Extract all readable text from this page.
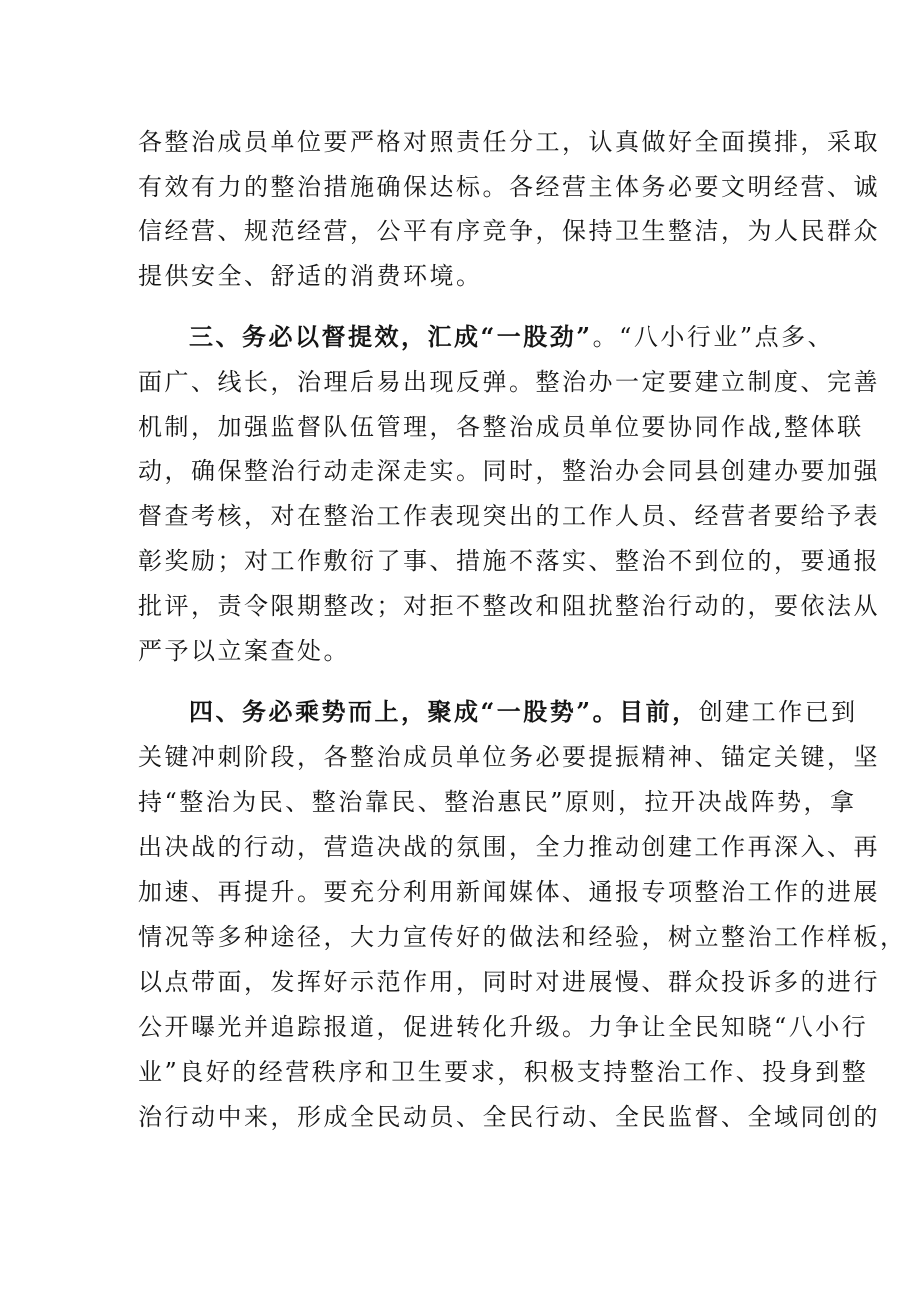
各整治成员单位要严格对照责任分工，认真做好全面摸排，采取
有效有力的整治措施确保达标。各经营主体务必要文明经营、诚
信经营、规范经营，公平有序竞争，保持卫生整洁，为人民群众
提供安全、舒适的消费环境。
三、务必以督提效，汇成“一股劲”。“八小行业”点多、
面广、线长，治理后易出现反弹。整治办一定要建立制度、完善
机制，加强监督队伍管理，各整治成员单位要协同作战,整体联
动，确保整治行动走深走实。同时，整治办会同县创建办要加强
督查考核，对在整治工作表现突出的工作人员、经营者要给予表
彰奖励；对工作敷衍了事、措施不落实、整治不到位的，要通报
批评，责令限期整改；对拒不整改和阻扰整治行动的，要依法从
严予以立案查处。
四、务必乘势而上，聚成“一股势”。目前，创建工作已到
关键冲刺阶段，各整治成员单位务必要提振精神、锚定关键，坚
持“整治为民、整治靠民、整治惠民”原则，拉开决战阵势，拿
出决战的行动，营造决战的氛围，全力推动创建工作再深入、再
加速、再提升。要充分利用新闻媒体、通报专项整治工作的进展
情况等多种途径，大力宣传好的做法和经验，树立整治工作样板，
以点带面，发挥好示范作用，同时对进展慢、群众投诉多的进行
公开曝光并追踪报道，促进转化升级。力争让全民知晓“八小行
业”良好的经营秩序和卫生要求，积极支持整治工作、投身到整
治行动中来，形成全民动员、全民行动、全民监督、全域同创的
